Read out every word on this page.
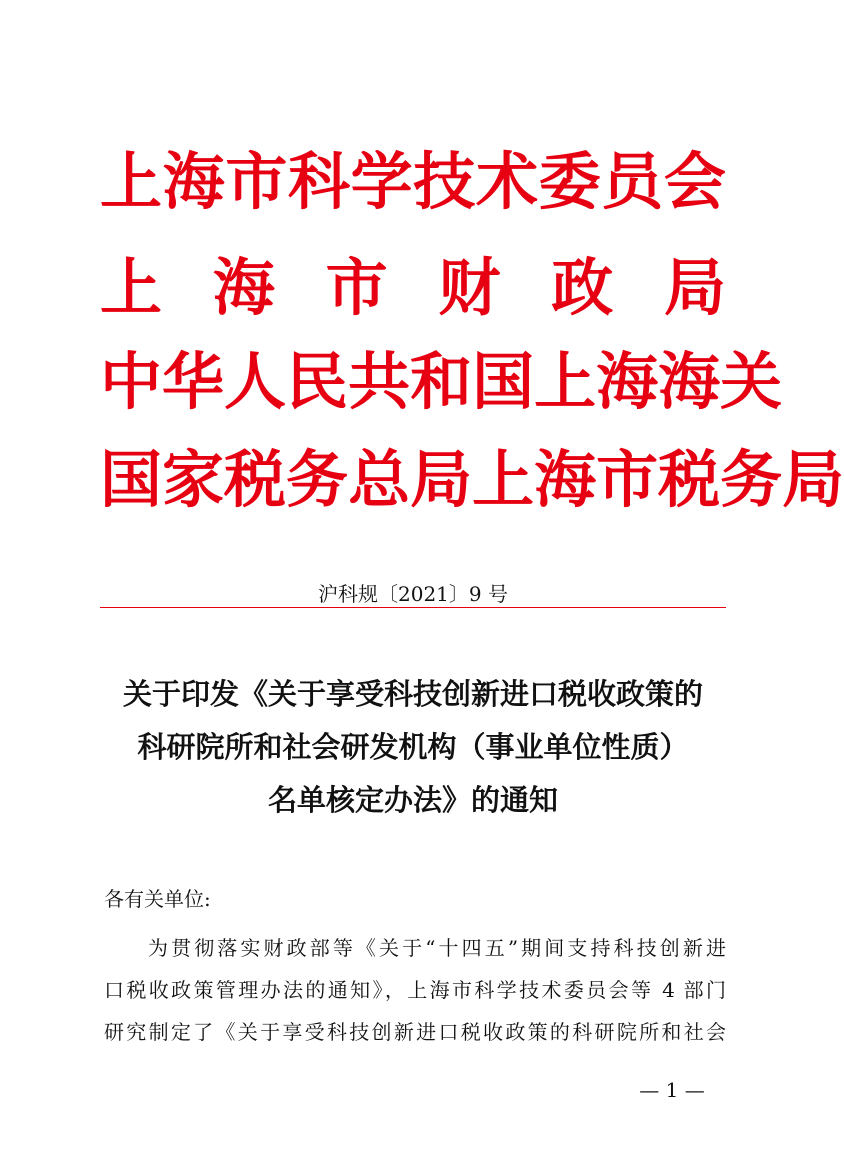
上 海 市 科 学 技 术 委 员 会
上 海 市 财 政 局
中 华 人 民 共 和 国 上 海 海 关
国 家 税 务 总 局 上 海 市 税 务 局
沪科规〔2021〕9 号
关于印发《关于享受科技创新进口税收政策的
科研院所和社会研发机构（事业单位性质）
名单核定办法》的通知
各有关单位:
为贯彻落实财政部等《关于“十四五”期间支持科技创新进
口税收政策管理办法的通知》，上海市科学技术委员会等 4 部门
研究制定了《关于享受科技创新进口税收政策的科研院所和社会
— 1 —
